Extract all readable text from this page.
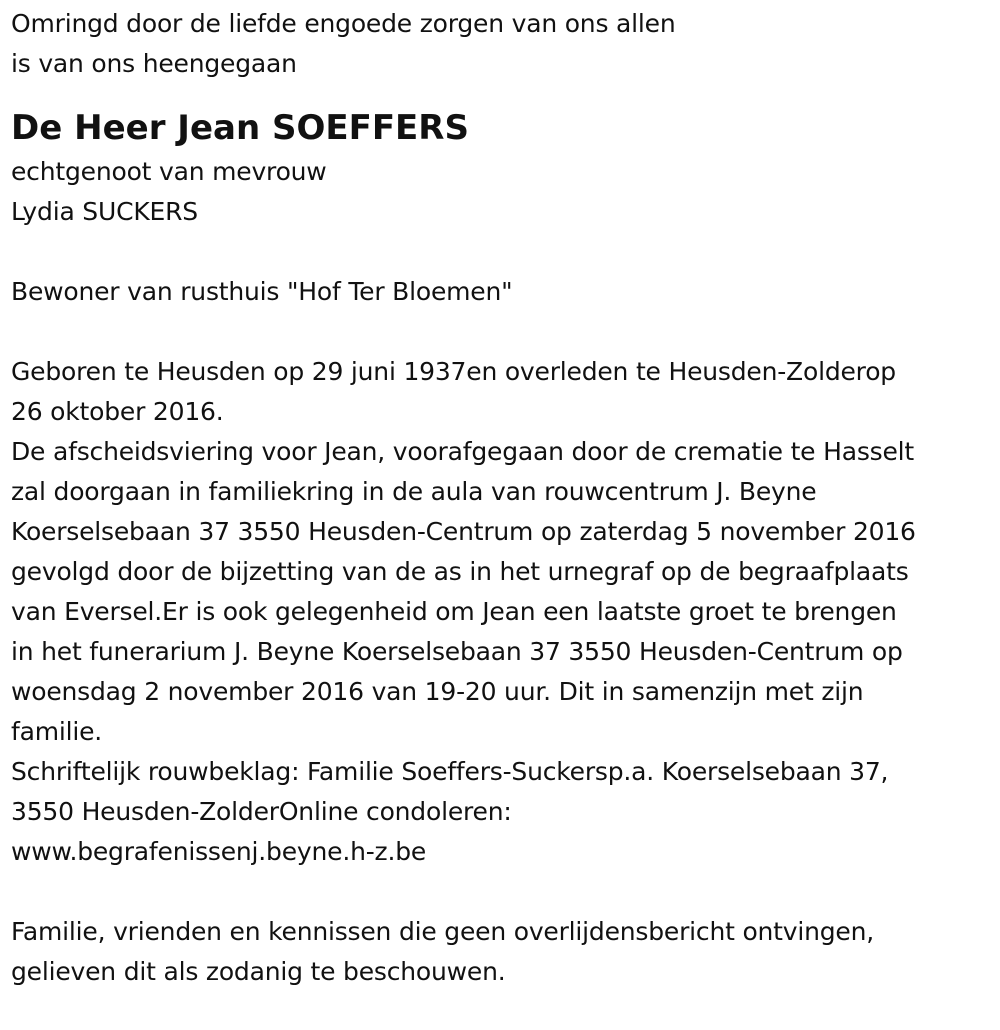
Omringd door de liefde engoede zorgen van ons allen
is van ons heengegaan
De Heer Jean SOEFFERS
echtgenoot van mevrouw
Lydia SUCKERS
Bewoner van rusthuis "Hof Ter Bloemen"
Geboren te Heusden op 29 juni 1937en overleden te Heusden-Zolderop
26 oktober 2016.
De afscheidsviering voor Jean, voorafgegaan door de crematie te Hasselt
zal doorgaan in familiekring in de aula van rouwcentrum J. Beyne
Koerselsebaan 37 3550 Heusden-Centrum op zaterdag 5 november 2016
gevolgd door de bijzetting van de as in het urnegraf op de begraafplaats
van Eversel.Er is ook gelegenheid om Jean een laatste groet te brengen
in het funerarium J. Beyne Koerselsebaan 37 3550 Heusden-Centrum op
woensdag 2 november 2016 van 19-20 uur. Dit in samenzijn met zijn
familie.
Schriftelijk rouwbeklag: Familie Soeffers-Suckersp.a. Koerselsebaan 37,
3550 Heusden-ZolderOnline condoleren:
www.begrafenissenj.beyne.h-z.be
Familie, vrienden en kennissen die geen overlijdensbericht ontvingen,
gelieven dit als zodanig te beschouwen.
